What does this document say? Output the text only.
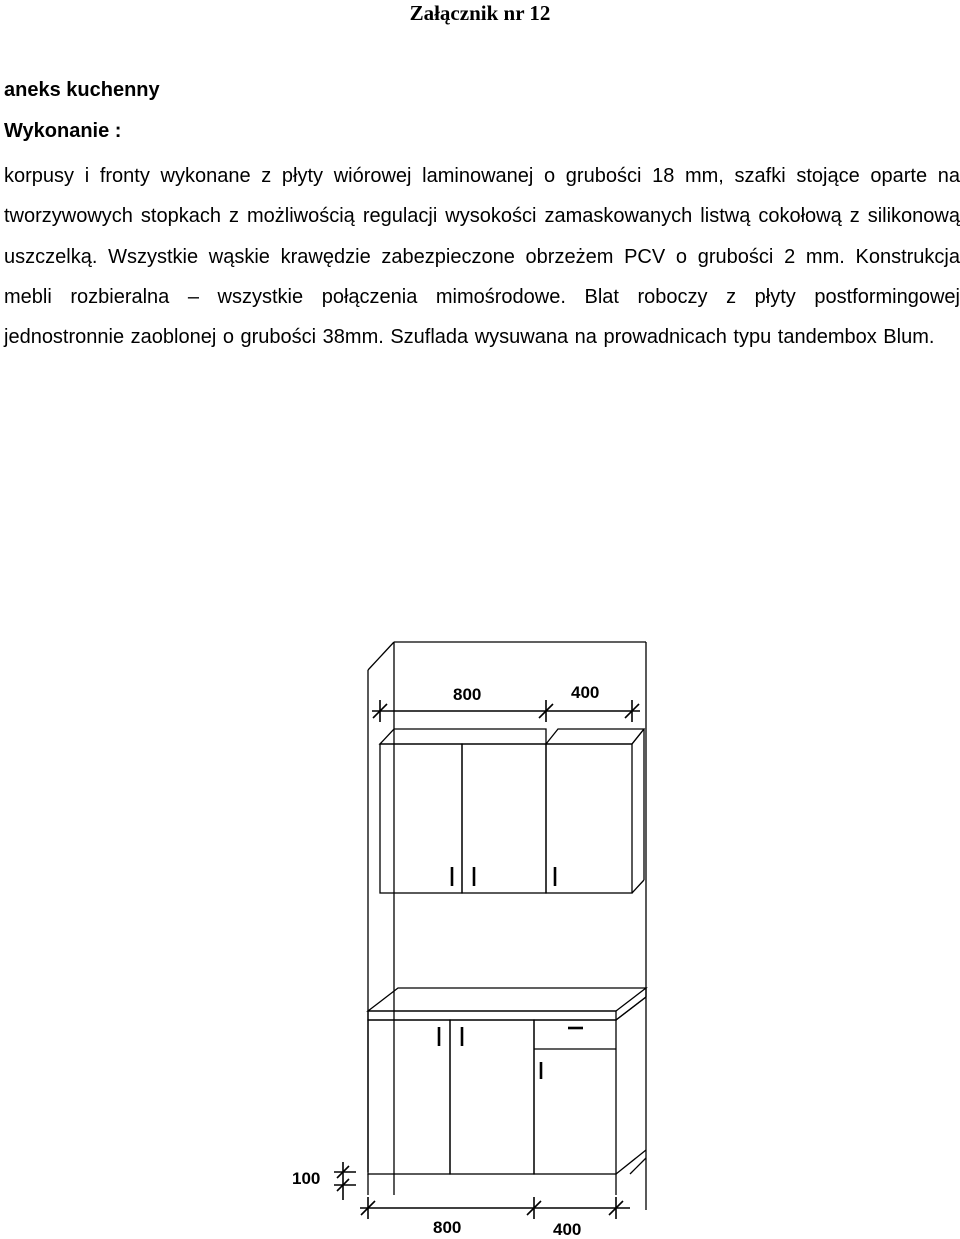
Załącznik nr 12
aneks kuchenny
Wykonanie :

korpusy i fronty wykonane z płyty wiórowej laminowanej o grubości 18 mm, szafki stojące oparte na tworzywowych stopkach z możliwością regulacji wysokości zamaskowanych listwą cokołową z silikonową uszczelką. Wszystkie wąskie krawędzie zabezpieczone obrzeżem PCV o grubości 2 mm. Konstrukcja mebli rozbieralna – wszystkie połączenia mimośrodowe. Blat roboczy z płyty postformingowej jednostronnie zaoblonej o grubości 38mm. Szuflada wysuwana na prowadnicach typu tandembox Blum.

800	400
800	400
100
